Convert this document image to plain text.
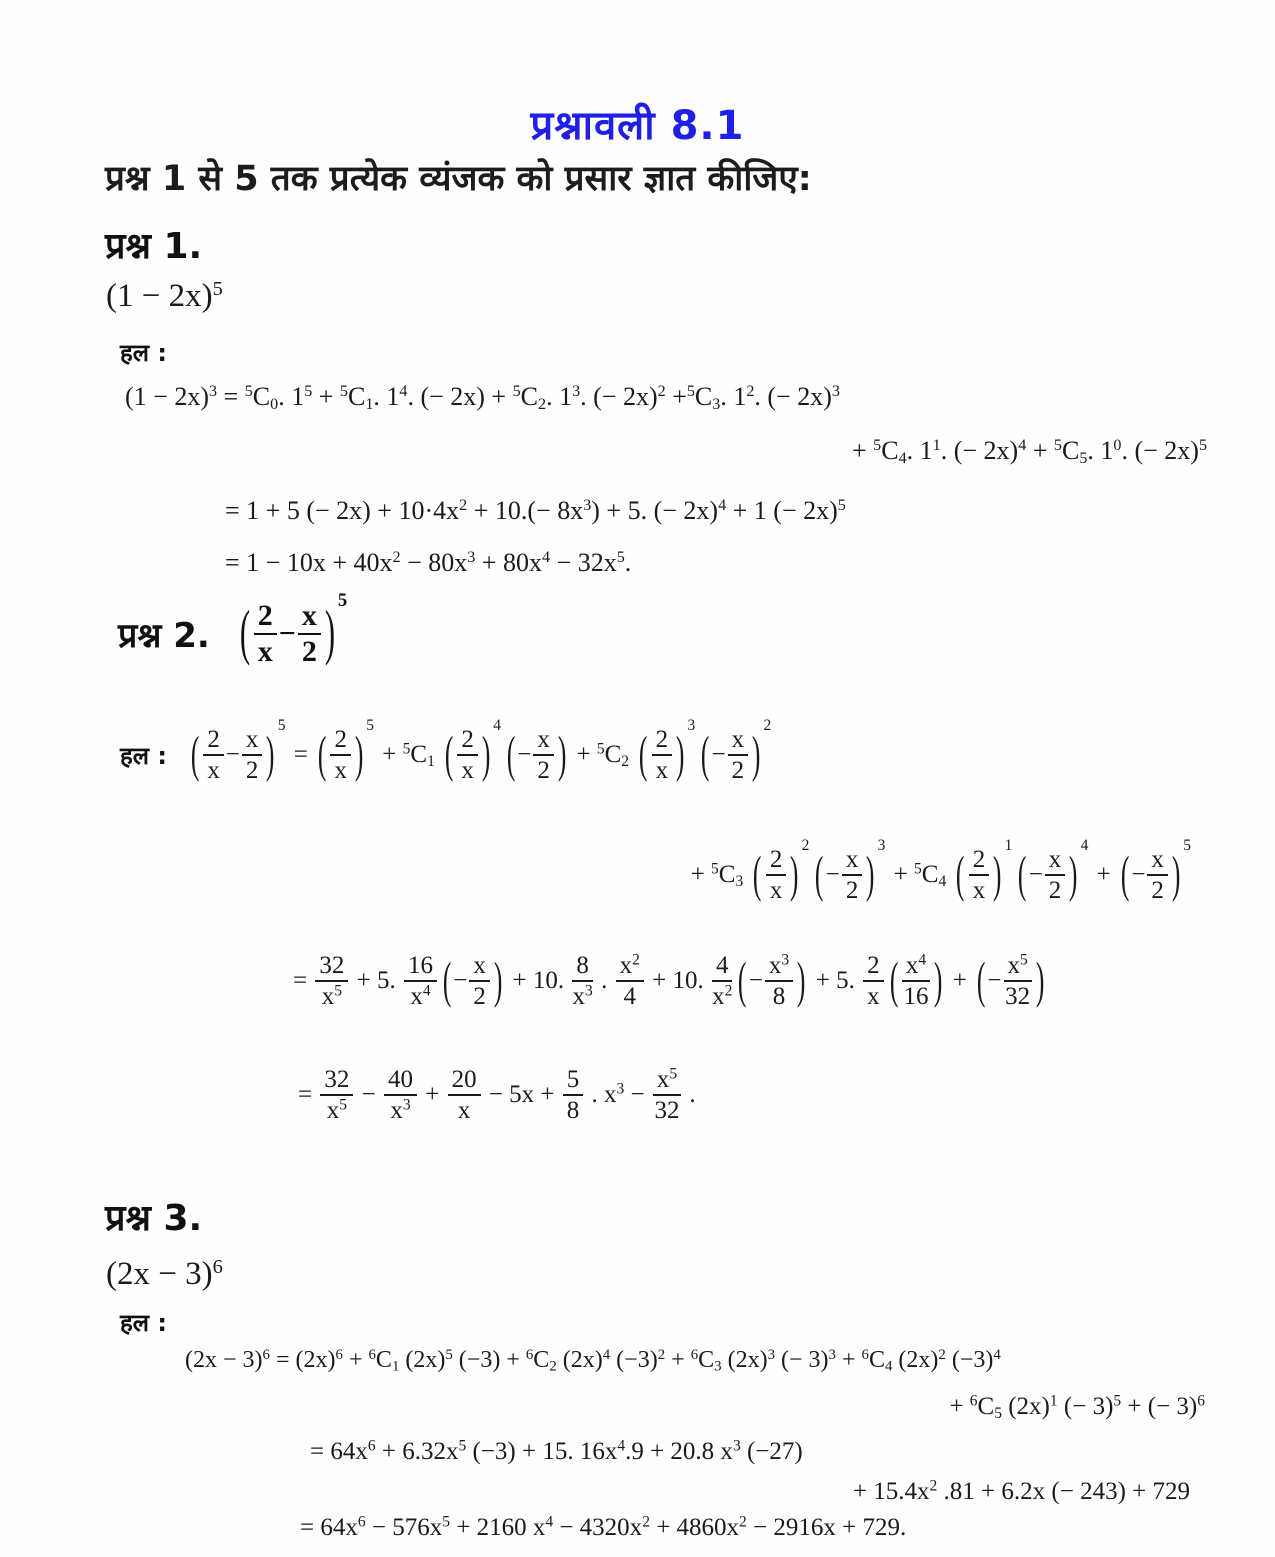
प्रश्नावली 8.1
प्रश्न 1 से 5 तक प्रत्येक व्यंजक को प्रसार ज्ञात कीजिए:
प्रश्न 1.
$(1 - 2x)^5$
हल :
$(1 - 2x)^3 = ^5C_0$. $1^5 + ^5C_1$. $1^4$. (− $2x) + ^5C_2$. $1^3$. (− $2x)^2 +^5C_3$. $1^2$. (− 2x)$^3$
+ $^5C_4$. $1^1$. (− $2x)^4 + ^5C_5$. $1^0$. (− 2x)$^5$
= 1 + 5 (− $2x) + 10\cdot 4x^2 + 10.(- 8x^3) + 5$. (− 2x)$^4$ + 1 (− 2x)$^5$
= $1 - 10x + 40x^2 - 80x^3 + 80x^4 - 32x^5$.
प्रश्न 2. ( $\frac{2}{x} - \frac{x}{2}$ ) 5
हल : ( $\frac{2}{x} - \frac{x}{2}$ )
5
= ( $\frac{2}{x}$ )
5
+ $^5C_1$ ( $\frac{2}{x}$ )
4
( − $\frac{x}{2}$ ) + $^5C_2$ ( $\frac{2}{x}$ )
3
( − $\frac{x}{2}$ )
2
+ $^5C_3$ ( $\frac{2}{x}$ )
2
( − $\frac{x}{2}$ )
3
+ $^5C_4$ ( $\frac{2}{x}$ )
1
( − $\frac{x}{2}$ )
4
+ ( − $\frac{x}{2}$ )
5
= $\frac{32}{x^5} + 5$. $\frac{16}{x^4}$ ( − $\frac{x}{2}$ ) + 10. $\frac{8}{x^3}$ . $\frac{x^2}{4} + 10$. $\frac{4}{x^2}$ ( − $\frac{x^3}{8}$ ) + 5. $\frac{2}{x}$ ( $\frac{x^4}{16}$ ) + ( − $\frac{x^5}{32}$ )
= $\frac{32}{x^5} - \frac{40}{x^3} + \frac{20}{x} - 5x + \frac{5}{8}$ . $x^3 - \frac{x^5}{32}$ .
प्रश्न 3.
$(2x - 3)^6$
हल :
$(2x - 3)^6 = (2x)^6 + ^6C_1$ $(2x)^5$ $(-3) + ^6C_2$ $(2x)^4$ $(-3)^2 + ^6C_3$ $(2x)^3$ (− $3)^3 + ^6C_4$ $(2x)^2$ $(-3)^4$
+ $^6C_5$ $(2x)^1$ (− 3)$^5$ + (− 3)$^6$
= $64x^6 + 6.32x^5$ (−3) + 15. $16x^4.9 + 20.8$ $x^3$ (−27)
+ $15.4x^2$ .81 + 6.2x (− 243) + 729
= $64x^6 - 576x^5 + 2160$ $x^4 - 4320x^2 + 4860x^2 - 2916x + 729$.
